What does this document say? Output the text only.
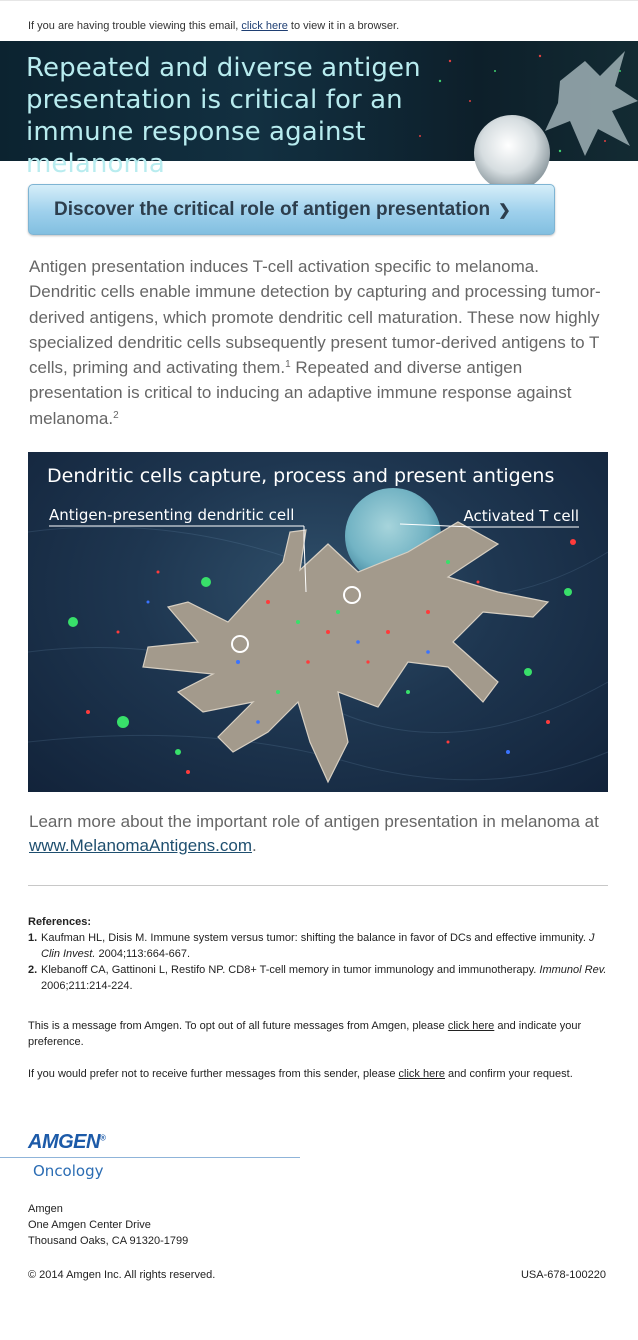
If you are having trouble viewing this email, click here to view it in a browser.
Repeated and diverse antigen presentation is critical for an immune response against melanoma
Discover the critical role of antigen presentation ❯
Antigen presentation induces T-cell activation specific to melanoma. Dendritic cells enable immune detection by capturing and processing tumor-derived antigens, which promote dendritic cell maturation. These now highly specialized dendritic cells subsequently present tumor-derived antigens to T cells, priming and activating them.$^1$ Repeated and diverse antigen presentation is critical to inducing an adaptive immune response against melanoma.$^2$
Dendritic cells capture, process and present antigens
Antigen-presenting dendritic cell	Activated T cell
Learn more about the important role of antigen presentation in melanoma at www.MelanomaAntigens.com.
References:
1. Kaufman HL, Disis M. Immune system versus tumor: shifting the balance in favor of DCs and effective immunity. J Clin Invest. 2004;113:664-667.
2. Klebanoff CA, Gattinoni L, Restifo NP. CD8+ T-cell memory in tumor immunology and immunotherapy. Immunol Rev. 2006;211:214-224.
This is a message from Amgen. To opt out of all future messages from Amgen, please click here and indicate your preference.
If you would prefer not to receive further messages from this sender, please click here and confirm your request.
AMGEN®
Oncology
Amgen
One Amgen Center Drive
Thousand Oaks, CA 91320-1799
© 2014 Amgen Inc. All rights reserved.	USA-678-100220
